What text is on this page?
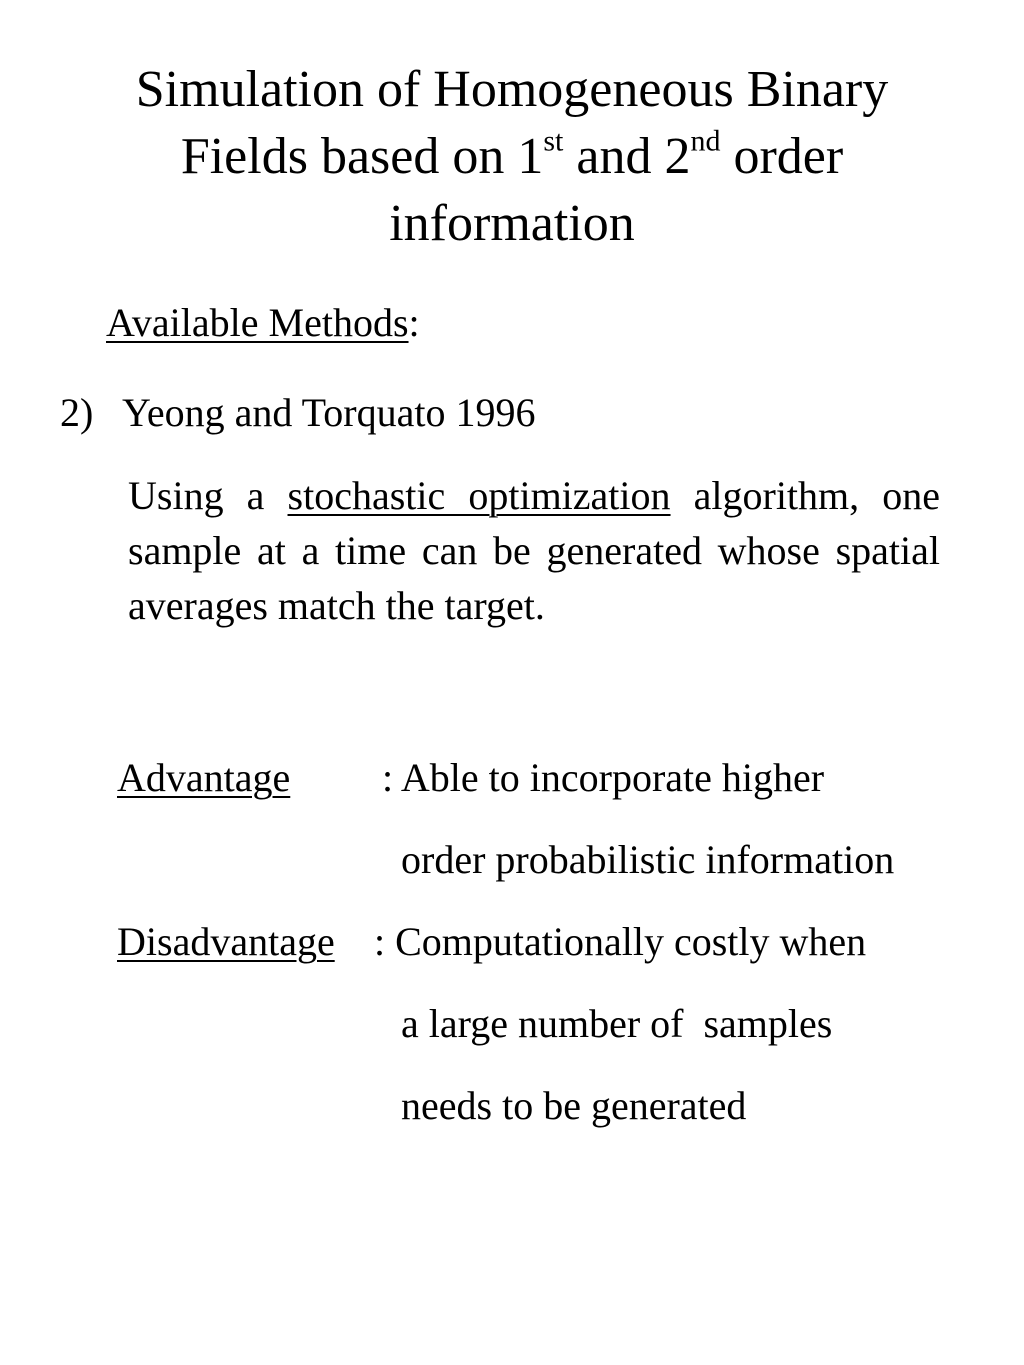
Simulation of Homogeneous Binary
Fields based on 1st and 2nd order
information
Available Methods:
2) Yeong and Torquato 1996

Using a stochastic optimization algorithm, one sample at a time can be generated whose spatial averages match the target.

Advantage : Able to incorporate higher
order probabilistic information
Disadvantage : Computationally costly when
a large number of  samples
needs to be generated
